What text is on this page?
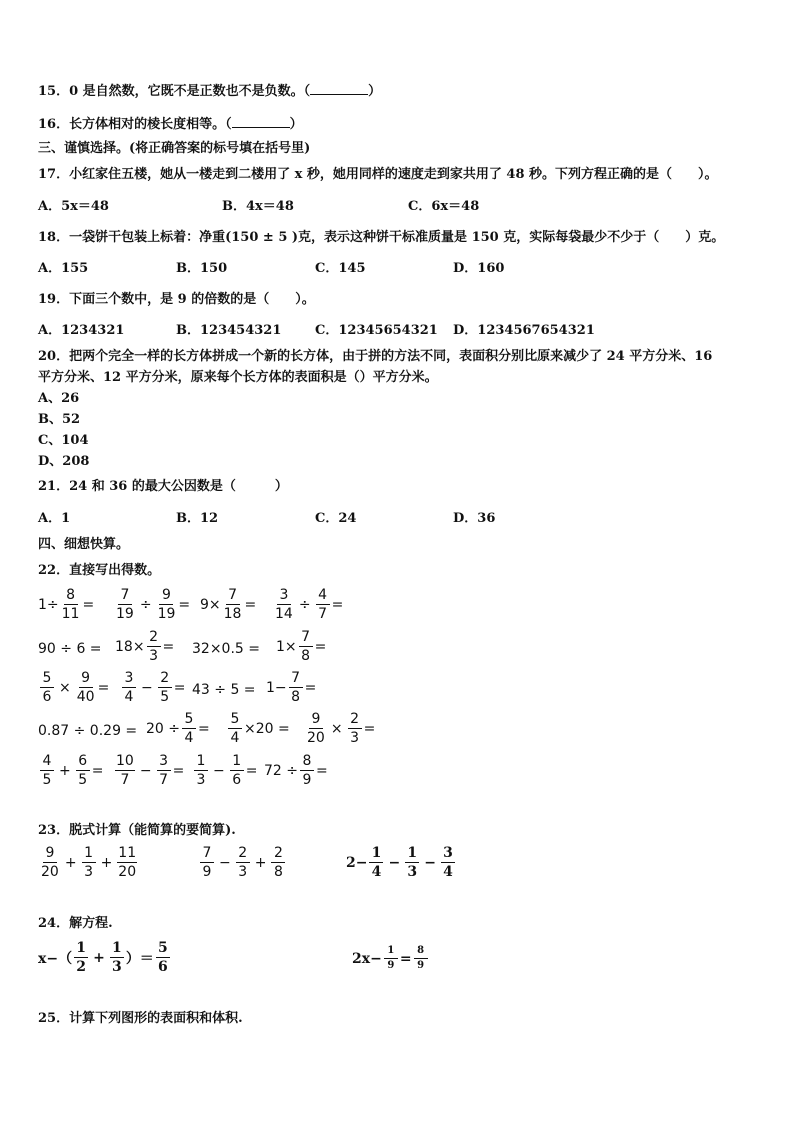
15．0 是自然数，它既不是正数也不是负数。（	）
16．长方体相对的棱长度相等。（	）
三、谨慎选择。(将正确答案的标号填在括号里)
17．小红家住五楼，她从一楼走到二楼用了 x 秒，她用同样的速度走到家共用了 48 秒。下列方程正确的是（　　）。
A．5x＝48	B．4x＝48	C．6x＝48
18．一袋饼干包装上标着：净重(150 ± 5 )克，表示这种饼干标准质量是 150 克，实际每袋最少不少于（　　）克。
A．155	B．150	C．145	D．160
19．下面三个数中，是 9 的倍数的是（　　）。
A．1234321	B．123454321	C．12345654321 D．1234567654321
20．把两个完全一样的长方体拼成一个新的长方体，由于拼的方法不同，表面积分别比原来减少了 24 平方分米、16
平方分米、12 平方分米，原来每个长方体的表面积是（）平方分米。
A、26
B、52
C、104
D、208
21．24 和 36 的最大公因数是（　　　）
A．1	B．12	C．24	D．36
四、细想快算。
22．直接写出得数。
$1\div \frac{8}{11} = \frac{7}{19} \div \frac{9}{19} = 9\times \frac{7}{18} = \frac{3}{14} \div \frac{4}{7}$ =
$90 \div 6 = 18\times \frac{2}{3} = 32\times 0.5 = 1\times \frac{7}{8}$ =
$\frac{5}{6} \times \frac{9}{40} = \frac{3}{4} - \frac{2}{5} = 43 \div 5 = 1- \frac{7}{8}$ =
$0.87 \div 0.29 = 20 \div \frac{5}{4} = \frac{5}{4} \times 20 = \frac{9}{20} \times \frac{2}{3}$ =
$\frac{4}{5} + \frac{6}{5} = \frac{10}{7} - \frac{3}{7} = \frac{1}{3} - \frac{1}{6} = 72 \div \frac{8}{9}$ =
23．脱式计算（能简算的要简算).
$\frac{9}{20} + \frac{1}{3} + \frac{11}{20}$	$\frac{7}{9} - \frac{2}{3} + \frac{2}{8}$	$2- \frac{1}{4} - \frac{1}{3} - \frac{3}{4}$
24．解方程.
$x-( \frac{1}{2} + \frac{1}{3}$ ）＝ $\frac{5}{6}$	$2x- \frac{1}{9} = \frac{8}{9}$
25．计算下列图形的表面积和体积.
